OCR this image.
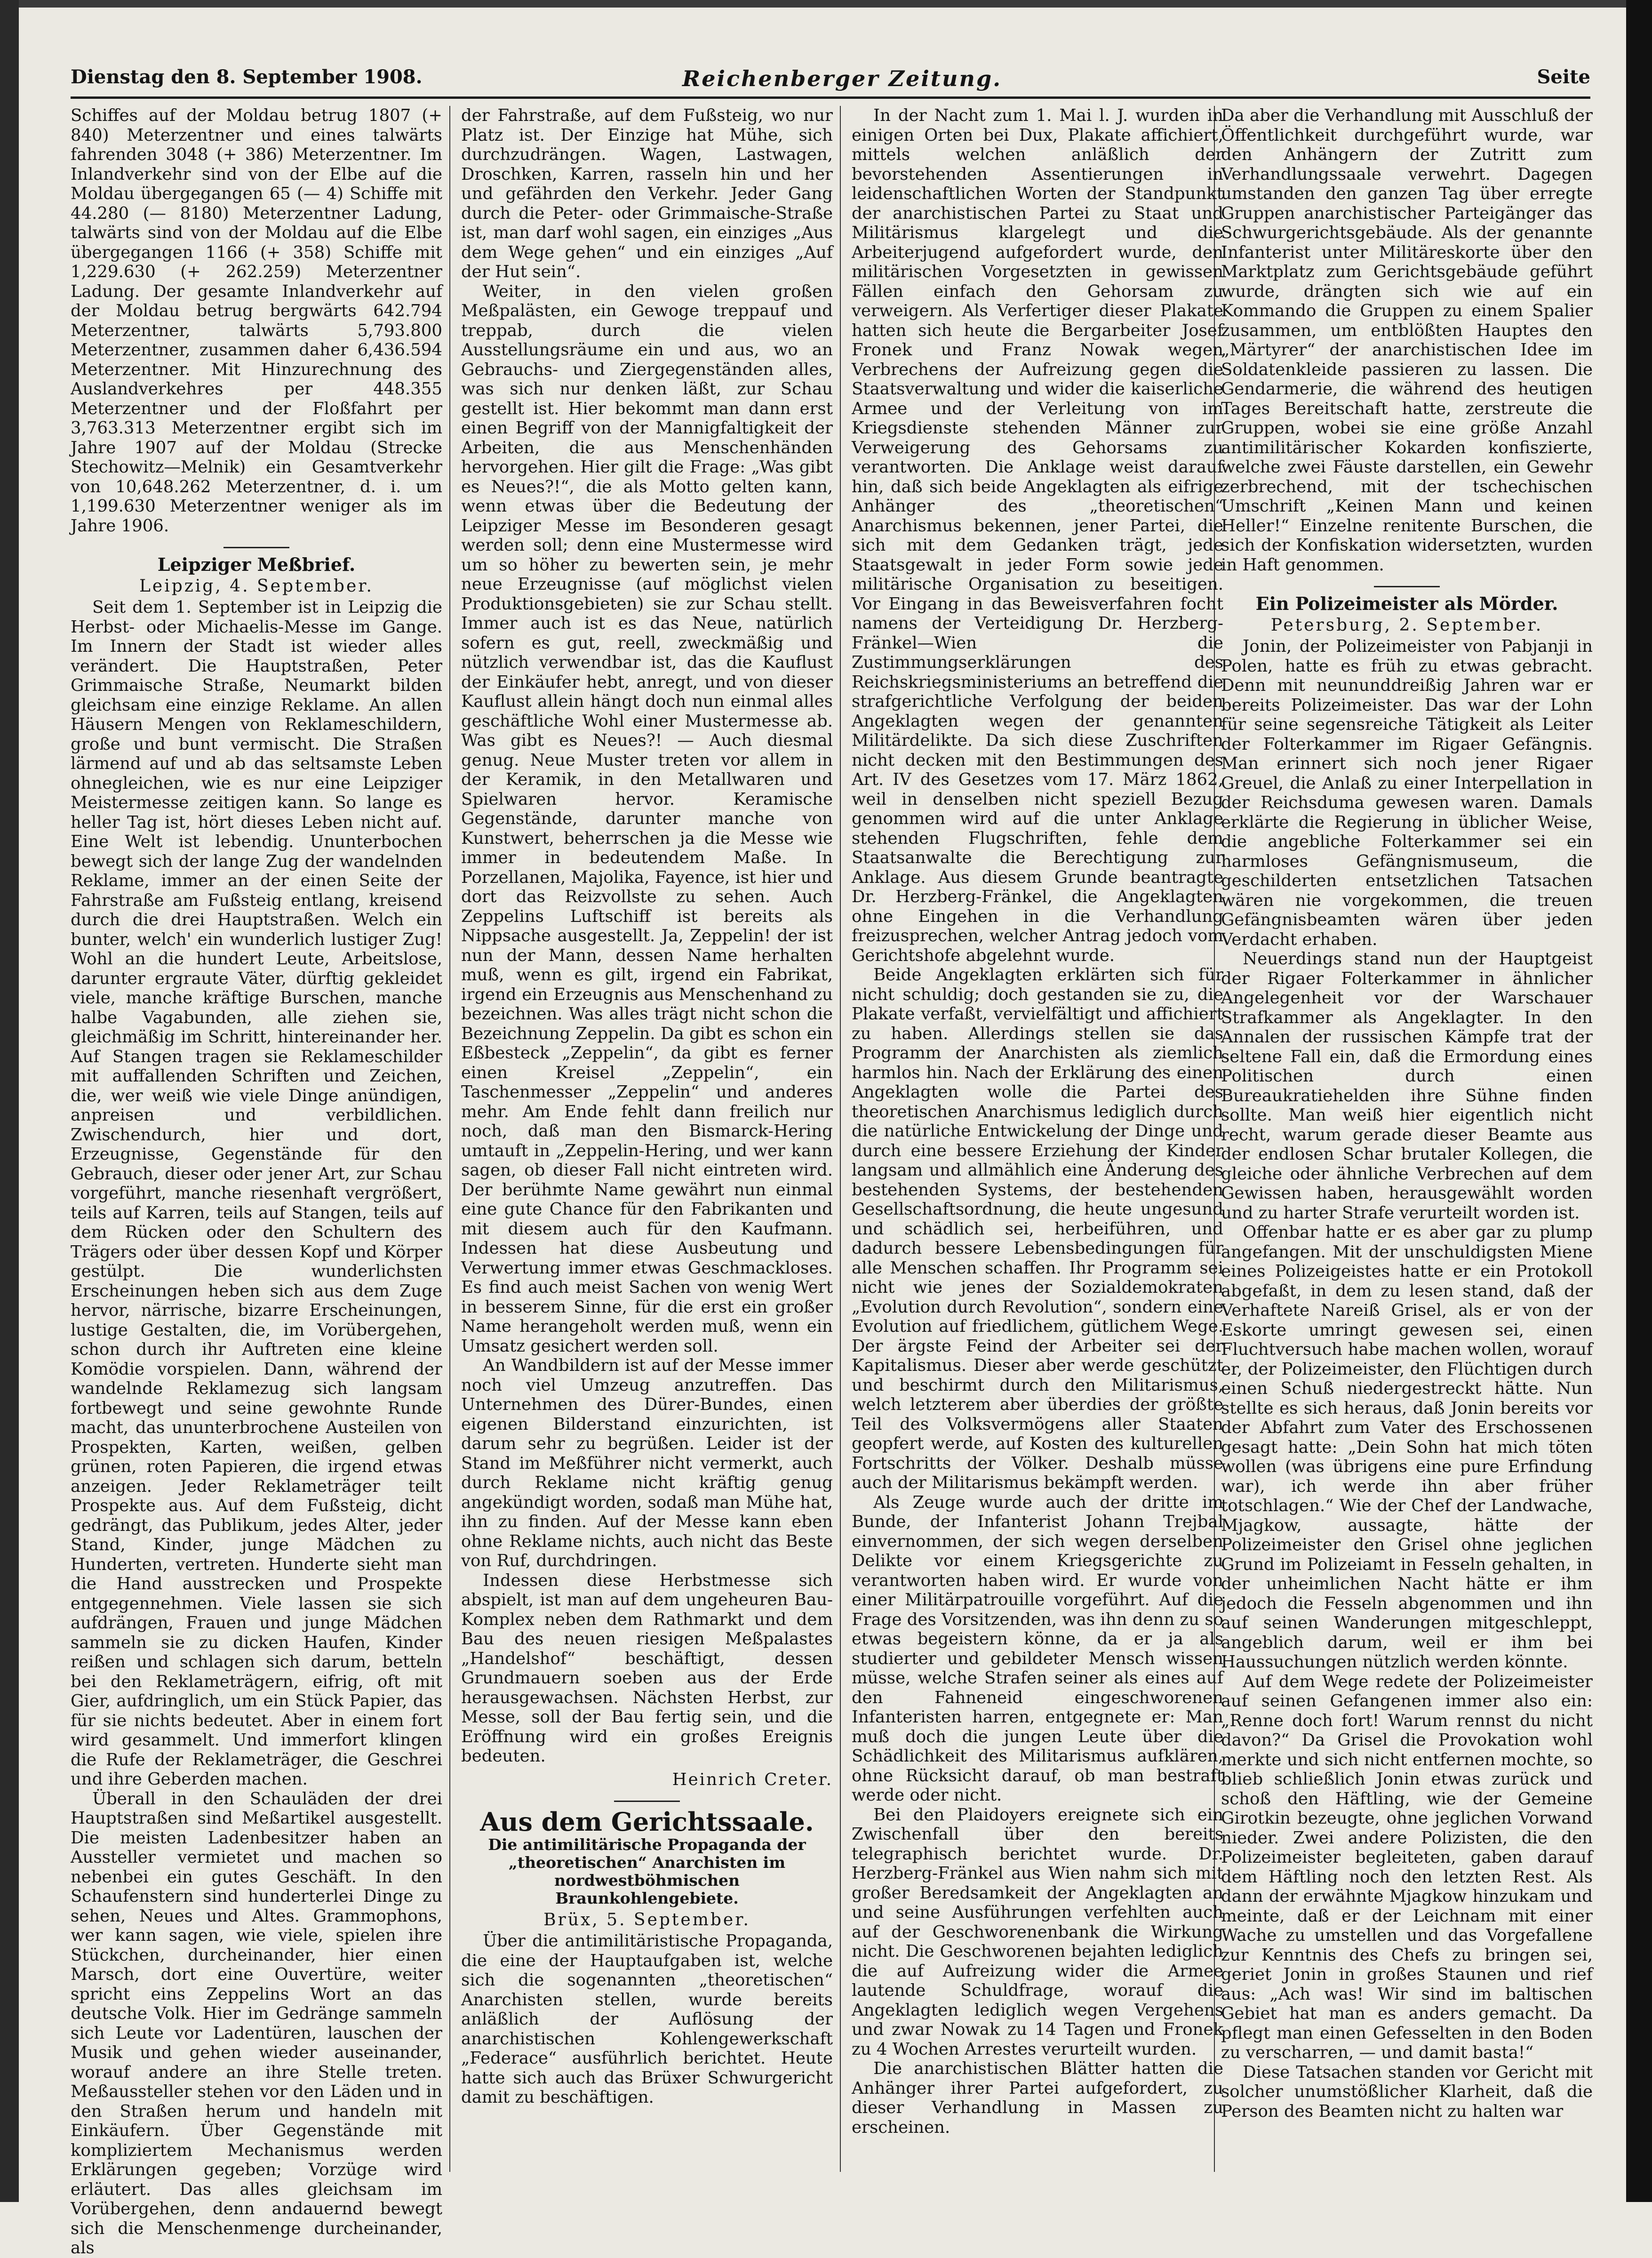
Dienstag den 8. September 1908.	Reichenberger Zeitung.	Seite

Schiffes auf der Moldau betrug 1807 (+ 840) Meterzentner und eines talwärts fahrenden 3048 (+ 386) Meterzentner. Im Inlandverkehr sind von der Elbe auf die Moldau übergegangen 65 (— 4) Schiffe mit 44.280 (— 8180) Meterzentner Ladung, talwärts sind von der Moldau auf die Elbe übergegangen 1166 (+ 358) Schiffe mit 1,229.630 (+ 262.259) Meterzentner Ladung. Der gesamte Inlandverkehr auf der Moldau betrug bergwärts 642.794 Meterzentner, talwärts 5,793.800 Meterzentner, zusammen daher 6,436.594 Meterzentner. Mit Hinzurechnung des Auslandverkehres per 448.355 Meterzentner und der Floßfahrt per 3,763.313 Meterzentner ergibt sich im Jahre 1907 auf der Moldau (Strecke Stechowitz—Melnik) ein Gesamtverkehr von 10,648.262 Meterzentner, d. i. um 1,199.630 Meterzentner weniger als im Jahre 1906.

Leipziger Meßbrief.
Leipzig, 4. September.

Seit dem 1. September ist in Leipzig die Herbst- oder Michaelis-Messe im Gange. Im Innern der Stadt ist wieder alles verändert. Die Hauptstraßen, Peter Grimmaische Straße, Neumarkt bilden gleichsam eine einzige Reklame. An allen Häusern Mengen von Reklameschildern, große und bunt vermischt. Die Straßen lärmend auf und ab das seltsamste Leben ohnegleichen, wie es nur eine Leipziger Meistermesse zeitigen kann. So lange es heller Tag ist, hört dieses Leben nicht auf. Eine Welt ist lebendig. Ununterbochen bewegt sich der lange Zug der wandelnden Reklame, immer an der einen Seite der Fahrstraße am Fußsteig entlang, kreisend durch die drei Hauptstraßen. Welch ein bunter, welch' ein wunderlich lustiger Zug! Wohl an die hundert Leute, Arbeitslose, darunter ergraute Väter, dürftig gekleidet viele, manche kräftige Burschen, manche halbe Vagabunden, alle ziehen sie, gleichmäßig im Schritt, hintereinander her. Auf Stangen tragen sie Reklameschilder mit auffallenden Schriften und Zeichen, die, wer weiß wie viele Dinge anündigen, anpreisen und verbildlichen. Zwischendurch, hier und dort, Erzeugnisse, Gegenstände für den Gebrauch, dieser oder jener Art, zur Schau vorgeführt, manche riesenhaft vergrößert, teils auf Karren, teils auf Stangen, teils auf dem Rücken oder den Schultern des Trägers oder über dessen Kopf und Körper gestülpt. Die wunderlichsten Erscheinungen heben sich aus dem Zuge hervor, närrische, bizarre Erscheinungen, lustige Gestalten, die, im Vorübergehen, schon durch ihr Auftreten eine kleine Komödie vorspielen. Dann, während der wandelnde Reklamezug sich langsam fortbewegt und seine gewohnte Runde macht, das ununterbrochene Austeilen von Prospekten, Karten, weißen, gelben grünen, roten Papieren, die irgend etwas anzeigen. Jeder Reklameträger teilt Prospekte aus. Auf dem Fußsteig, dicht gedrängt, das Publikum, jedes Alter, jeder Stand, Kinder, junge Mädchen zu Hunderten, vertreten. Hunderte sieht man die Hand ausstrecken und Prospekte entgegennehmen. Viele lassen sie sich aufdrängen, Frauen und junge Mädchen sammeln sie zu dicken Haufen, Kinder reißen und schlagen sich darum, betteln bei den Reklameträgern, eifrig, oft mit Gier, aufdringlich, um ein Stück Papier, das für sie nichts bedeutet. Aber in einem fort wird gesammelt. Und immerfort klingen die Rufe der Reklameträger, die Geschrei und ihre Geberden machen.

Überall in den Schauläden der drei Hauptstraßen sind Meßartikel ausgestellt. Die meisten Ladenbesitzer haben an Aussteller vermietet und machen so nebenbei ein gutes Geschäft. In den Schaufenstern sind hunderterlei Dinge zu sehen, Neues und Altes. Grammophons, wer kann sagen, wie viele, spielen ihre Stückchen, durcheinander, hier einen Marsch, dort eine Ouvertüre, weiter spricht eins Zeppelins Wort an das deutsche Volk. Hier im Gedränge sammeln sich Leute vor Ladentüren, lauschen der Musik und gehen wieder auseinander, worauf andere an ihre Stelle treten. Meßaussteller stehen vor den Läden und in den Straßen herum und handeln mit Einkäufern. Über Gegenstände mit kompliziertem Mechanismus werden Erklärungen gegeben; Vorzüge wird erläutert. Das alles gleichsam im Vorübergehen, denn andauernd bewegt sich die Menschenmenge durcheinander, als

der Fahrstraße, auf dem Fußsteig, wo nur Platz ist. Der Einzige hat Mühe, sich durchzudrängen. Wagen, Lastwagen, Droschken, Karren, rasseln hin und her und gefährden den Verkehr. Jeder Gang durch die Peter- oder Grimmaische-Straße ist, man darf wohl sagen, ein einziges „Aus dem Wege gehen“ und ein einziges „Auf der Hut sein“.

Weiter, in den vielen großen Meßpalästen, ein Gewoge treppauf und treppab, durch die vielen Ausstellungsräume ein und aus, wo an Gebrauchs- und Ziergegenständen alles, was sich nur denken läßt, zur Schau gestellt ist. Hier bekommt man dann erst einen Begriff von der Mannigfaltigkeit der Arbeiten, die aus Menschenhänden hervorgehen. Hier gilt die Frage: „Was gibt es Neues?!“, die als Motto gelten kann, wenn etwas über die Bedeutung der Leipziger Messe im Besonderen gesagt werden soll; denn eine Mustermesse wird um so höher zu bewerten sein, je mehr neue Erzeugnisse (auf möglichst vielen Produktionsgebieten) sie zur Schau stellt. Immer auch ist es das Neue, natürlich sofern es gut, reell, zweckmäßig und nützlich verwendbar ist, das die Kauflust der Einkäufer hebt, anregt, und von dieser Kauflust allein hängt doch nun einmal alles geschäftliche Wohl einer Mustermesse ab. Was gibt es Neues?! — Auch diesmal genug. Neue Muster treten vor allem in der Keramik, in den Metallwaren und Spielwaren hervor. Keramische Gegenstände, darunter manche von Kunstwert, beherrschen ja die Messe wie immer in bedeutendem Maße. In Porzellanen, Majolika, Fayence, ist hier und dort das Reizvollste zu sehen. Auch Zeppelins Luftschiff ist bereits als Nippsache ausgestellt. Ja, Zeppelin! der ist nun der Mann, dessen Name herhalten muß, wenn es gilt, irgend ein Fabrikat, irgend ein Erzeugnis aus Menschenhand zu bezeichnen. Was alles trägt nicht schon die Bezeichnung Zeppelin. Da gibt es schon ein Eßbesteck „Zeppelin“, da gibt es ferner einen Kreisel „Zeppelin“, ein Taschenmesser „Zeppelin“ und anderes mehr. Am Ende fehlt dann freilich nur noch, daß man den Bismarck-Hering umtauft in „Zeppelin-Hering, und wer kann sagen, ob dieser Fall nicht eintreten wird. Der berühmte Name gewährt nun einmal eine gute Chance für den Fabrikanten und mit diesem auch für den Kaufmann. Indessen hat diese Ausbeutung und Verwertung immer etwas Geschmackloses. Es find auch meist Sachen von wenig Wert in besserem Sinne, für die erst ein großer Name herangeholt werden muß, wenn ein Umsatz gesichert werden soll.

An Wandbildern ist auf der Messe immer noch viel Umzeug anzutreffen. Das Unternehmen des Dürer-Bundes, einen eigenen Bilderstand einzurichten, ist darum sehr zu begrüßen. Leider ist der Stand im Meßführer nicht vermerkt, auch durch Reklame nicht kräftig genug angekündigt worden, sodaß man Mühe hat, ihn zu finden. Auf der Messe kann eben ohne Reklame nichts, auch nicht das Beste von Ruf, durchdringen.

Indessen diese Herbstmesse sich abspielt, ist man auf dem ungeheuren Bau-Komplex neben dem Rathmarkt und dem Bau des neuen riesigen Meßpalastes „Handelshof“ beschäftigt, dessen Grundmauern soeben aus der Erde herausgewachsen. Nächsten Herbst, zur Messe, soll der Bau fertig sein, und die Eröffnung wird ein großes Ereignis bedeuten.

Heinrich Creter.
Aus dem Gerichtssaale.
Die antimilitärische Propaganda der „theoretischen“ Anarchisten im nordwestböhmischen Braunkohlengebiete.
Brüx, 5. September.

Über die antimilitäristische Propaganda, die eine der Hauptaufgaben ist, welche sich die sogenannten „theoretischen“ Anarchisten stellen, wurde bereits anläßlich der Auflösung der anarchistischen Kohlengewerkschaft „Federace“ ausführlich berichtet. Heute hatte sich auch das Brüxer Schwurgericht damit zu beschäftigen.

In der Nacht zum 1. Mai l. J. wurden in einigen Orten bei Dux, Plakate affichiert, mittels welchen anläßlich der bevorstehenden Assentierungen in leidenschaftlichen Worten der Standpunkt der anarchistischen Partei zu Staat und Militärismus klargelegt und die Arbeiterjugend aufgefordert wurde, den militärischen Vorgesetzten in gewissen Fällen einfach den Gehorsam zu verweigern. Als Verfertiger dieser Plakate hatten sich heute die Bergarbeiter Josef Fronek und Franz Nowak wegen Verbrechens der Aufreizung gegen die Staatsverwaltung und wider die kaiserliche Armee und der Verleitung von im Kriegsdienste stehenden Männer zur Verweigerung des Gehorsams zu verantworten. Die Anklage weist darauf hin, daß sich beide Angeklagten als eifrige Anhänger des „theoretischen“ Anarchismus bekennen, jener Partei, die sich mit dem Gedanken trägt, jede Staatsgewalt in jeder Form sowie jede militärische Organisation zu beseitigen. Vor Eingang in das Beweisverfahren focht namens der Verteidigung Dr. Herzberg-Fränkel—Wien die Zustimmungserklärungen des Reichskriegsministeriums an betreffend die strafgerichtliche Verfolgung der beiden Angeklagten wegen der genannten Militärdelikte. Da sich diese Zuschriften nicht decken mit den Bestimmungen des Art. IV des Gesetzes vom 17. März 1862, weil in denselben nicht speziell Bezug genommen wird auf die unter Anklage stehenden Flugschriften, fehle dem Staatsanwalte die Berechtigung zur Anklage. Aus diesem Grunde beantragte Dr. Herzberg-Fränkel, die Angeklagten ohne Eingehen in die Verhandlung freizusprechen, welcher Antrag jedoch vom Gerichtshofe abgelehnt wurde.

Beide Angeklagten erklärten sich für nicht schuldig; doch gestanden sie zu, die Plakate verfaßt, vervielfältigt und affichiert zu haben. Allerdings stellen sie das Programm der Anarchisten als ziemlich harmlos hin. Nach der Erklärung des einen Angeklagten wolle die Partei des theoretischen Anarchismus lediglich durch die natürliche Entwickelung der Dinge und durch eine bessere Erziehung der Kinder langsam und allmählich eine Änderung des bestehenden Systems, der bestehenden Gesellschaftsordnung, die heute ungesund und schädlich sei, herbeiführen, und dadurch bessere Lebensbedingungen für alle Menschen schaffen. Ihr Programm sei nicht wie jenes der Sozialdemokraten „Evolution durch Revolution“, sondern eine Evolution auf friedlichem, gütlichem Wege. Der ärgste Feind der Arbeiter sei der Kapitalismus. Dieser aber werde geschützt und beschirmt durch den Militarismus, welch letzterem aber überdies der größte Teil des Volksvermögens aller Staaten geopfert werde, auf Kosten des kulturellen Fortschritts der Völker. Deshalb müsse auch der Militarismus bekämpft werden.

Als Zeuge wurde auch der dritte im Bunde, der Infanterist Johann Trejbal einvernommen, der sich wegen derselben Delikte vor einem Kriegsgerichte zu verantworten haben wird. Er wurde von einer Militärpatrouille vorgeführt. Auf die Frage des Vorsitzenden, was ihn denn zu so etwas begeistern könne, da er ja als studierter und gebildeter Mensch wissen müsse, welche Strafen seiner als eines auf den Fahneneid eingeschworenen Infanteristen harren, entgegnete er: Man muß doch die jungen Leute über die Schädlichkeit des Militarismus aufklären, ohne Rücksicht darauf, ob man bestraft werde oder nicht.

Bei den Plaidoyers ereignete sich ein Zwischenfall über den bereits telegraphisch berichtet wurde. Dr. Herzberg-Fränkel aus Wien nahm sich mit großer Beredsamkeit der Angeklagten an und seine Ausführungen verfehlten auch auf der Geschworenenbank die Wirkung nicht. Die Geschworenen bejahten lediglich die auf Aufreizung wider die Armee lautende Schuldfrage, worauf die Angeklagten lediglich wegen Vergehens und zwar Nowak zu 14 Tagen und Fronek zu 4 Wochen Arrestes verurteilt wurden.

Die anarchistischen Blätter hatten die Anhänger ihrer Partei aufgefordert, zu dieser Verhandlung in Massen zu erscheinen.

Da aber die Verhandlung mit Ausschluß der Öffentlichkeit durchgeführt wurde, war den Anhängern der Zutritt zum Verhandlungssaale verwehrt. Dagegen umstanden den ganzen Tag über erregte Gruppen anarchistischer Parteigänger das Schwurgerichtsgebäude. Als der genannte Infanterist unter Militäreskorte über den Marktplatz zum Gerichtsgebäude geführt wurde, drängten sich wie auf ein Kommando die Gruppen zu einem Spalier zusammen, um entblößten Hauptes den „Märtyrer“ der anarchistischen Idee im Soldatenkleide passieren zu lassen. Die Gendarmerie, die während des heutigen Tages Bereitschaft hatte, zerstreute die Gruppen, wobei sie eine größe Anzahl antimilitärischer Kokarden konfiszierte, welche zwei Fäuste darstellen, ein Gewehr zerbrechend, mit der tschechischen Umschrift „Keinen Mann und keinen Heller!“ Einzelne renitente Burschen, die sich der Konfiskation widersetzten, wurden in Haft genommen.

Ein Polizeimeister als Mörder.
Petersburg, 2. September.

Jonin, der Polizeimeister von Pabjanji in Polen, hatte es früh zu etwas gebracht. Denn mit neununddreißig Jahren war er bereits Polizeimeister. Das war der Lohn für seine segensreiche Tätigkeit als Leiter der Folterkammer im Rigaer Gefängnis. Man erinnert sich noch jener Rigaer Greuel, die Anlaß zu einer Interpellation in der Reichsduma gewesen waren. Damals erklärte die Regierung in üblicher Weise, die angebliche Folterkammer sei ein harmloses Gefängnismuseum, die geschilderten entsetzlichen Tatsachen wären nie vorgekommen, die treuen Gefängnisbeamten wären über jeden Verdacht erhaben.

Neuerdings stand nun der Hauptgeist der Rigaer Folterkammer in ähnlicher Angelegenheit vor der Warschauer Strafkammer als Angeklagter. In den Annalen der russischen Kämpfe trat der seltene Fall ein, daß die Ermordung eines Politischen durch einen Bureaukratiehelden ihre Sühne finden sollte. Man weiß hier eigentlich nicht recht, warum gerade dieser Beamte aus der endlosen Schar brutaler Kollegen, die gleiche oder ähnliche Verbrechen auf dem Gewissen haben, herausgewählt worden und zu harter Strafe verurteilt worden ist.

Offenbar hatte er es aber gar zu plump angefangen. Mit der unschuldigsten Miene eines Polizeigeistes hatte er ein Protokoll abgefaßt, in dem zu lesen stand, daß der Verhaftete Nareiß Grisel, als er von der Eskorte umringt gewesen sei, einen Fluchtversuch habe machen wollen, worauf er, der Polizeimeister, den Flüchtigen durch einen Schuß niedergestreckt hätte. Nun stellte es sich heraus, daß Jonin bereits vor der Abfahrt zum Vater des Erschossenen gesagt hatte: „Dein Sohn hat mich töten wollen (was übrigens eine pure Erfindung war), ich werde ihn aber früher totschlagen.“ Wie der Chef der Landwache, Mjagkow, aussagte, hätte der Polizeimeister den Grisel ohne jeglichen Grund im Polizeiamt in Fesseln gehalten, in der unheimlichen Nacht hätte er ihm jedoch die Fesseln abgenommen und ihn auf seinen Wanderungen mitgeschleppt, angeblich darum, weil er ihm bei Haussuchungen nützlich werden könnte.

Auf dem Wege redete der Polizeimeister auf seinen Gefangenen immer also ein: „Renne doch fort! Warum rennst du nicht davon?“ Da Grisel die Provokation wohl merkte und sich nicht entfernen mochte, so blieb schließlich Jonin etwas zurück und schoß den Häftling, wie der Gemeine Girotkin bezeugte, ohne jeglichen Vorwand nieder. Zwei andere Polizisten, die den Polizeimeister begleiteten, gaben darauf dem Häftling noch den letzten Rest. Als dann der erwähnte Mjagkow hinzukam und meinte, daß er der Leichnam mit einer Wache zu umstellen und das Vorgefallene zur Kenntnis des Chefs zu bringen sei, geriet Jonin in großes Staunen und rief aus: „Ach was! Wir sind im baltischen Gebiet hat man es anders gemacht. Da pflegt man einen Gefesselten in den Boden zu verscharren, — und damit basta!“

Diese Tatsachen standen vor Gericht mit solcher unumstößlicher Klarheit, daß die Person des Beamten nicht zu halten war
